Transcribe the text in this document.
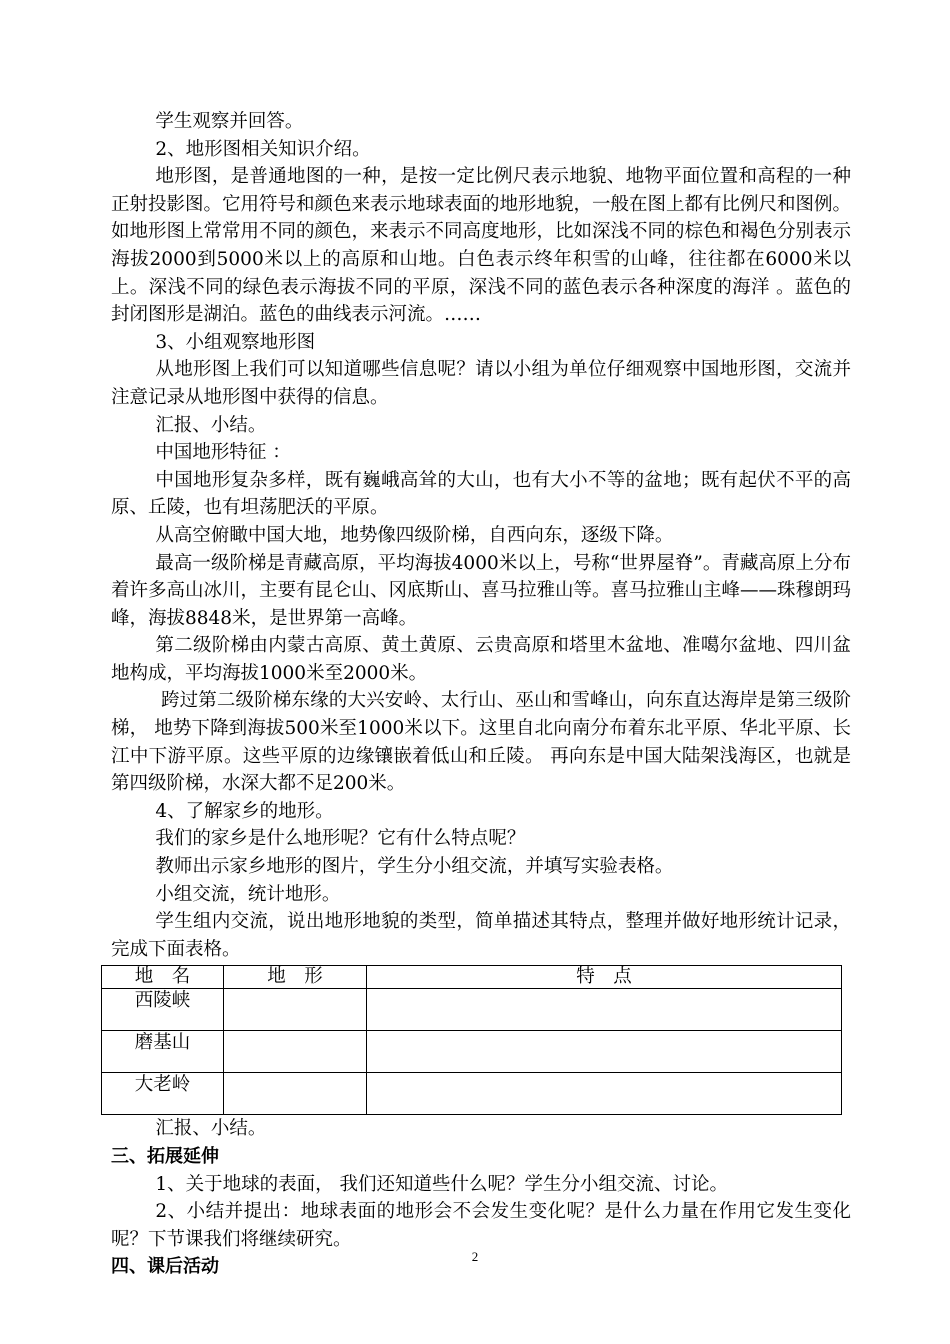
学生观察并回答。

2、地形图相关知识介绍。

地形图，是普通地图的一种，是按一定比例尺表示地貌、地物平面位置和高程的一种正射投影图。它用符号和颜色来表示地球表面的地形地貌，一般在图上都有比例尺和图例。如地形图上常常用不同的颜色，来表示不同高度地形，比如深浅不同的棕色和褐色分别表示海拔2000到5000米以上的高原和山地。白色表示终年积雪的山峰，往往都在6000米以上。深浅不同的绿色表示海拔不同的平原，深浅不同的蓝色表示各种深度的海洋 。蓝色的封闭图形是湖泊。蓝色的曲线表示河流。……

3、小组观察地形图

从地形图上我们可以知道哪些信息呢？请以小组为单位仔细观察中国地形图，交流并注意记录从地形图中获得的信息。

汇报、小结。

中国地形特征 ：

中国地形复杂多样，既有巍峨高耸的大山，也有大小不等的盆地；既有起伏不平的高原、丘陵，也有坦荡肥沃的平原。

从高空俯瞰中国大地，地势像四级阶梯，自西向东，逐级下降。

最高一级阶梯是青藏高原，平均海拔4000米以上，号称“世界屋脊”。青藏高原上分布着许多高山冰川，主要有昆仑山、冈底斯山、喜马拉雅山等。喜马拉雅山主峰——珠穆朗玛峰，海拔8848米，是世界第一高峰。

第二级阶梯由内蒙古高原、黄土黄原、云贵高原和塔里木盆地、准噶尔盆地、四川盆地构成，平均海拔1000米至2000米。

跨过第二级阶梯东缘的大兴安岭、太行山、巫山和雪峰山，向东直达海岸是第三级阶梯， 地势下降到海拔500米至1000米以下。这里自北向南分布着东北平原、华北平原、长江中下游平原。这些平原的边缘镶嵌着低山和丘陵。 再向东是中国大陆架浅海区，也就是第四级阶梯，水深大都不足200米。

4、了解家乡的地形。

我们的家乡是什么地形呢？它有什么特点呢？

教师出示家乡地形的图片，学生分小组交流，并填写实验表格。

小组交流，统计地形。

学生组内交流，说出地形地貌的类型，简单描述其特点，整理并做好地形统计记录，完成下面表格。

地　名	地　形	特　点
西陵峡		
磨基山		
大老岭		

汇报、小结。

三、拓展延伸

1、关于地球的表面， 我们还知道些什么呢？学生分小组交流、讨论。

2、小结并提出：地球表面的地形会不会发生变化呢？是什么力量在作用它发生变化呢？下节课我们将继续研究。

四、课后活动	2
